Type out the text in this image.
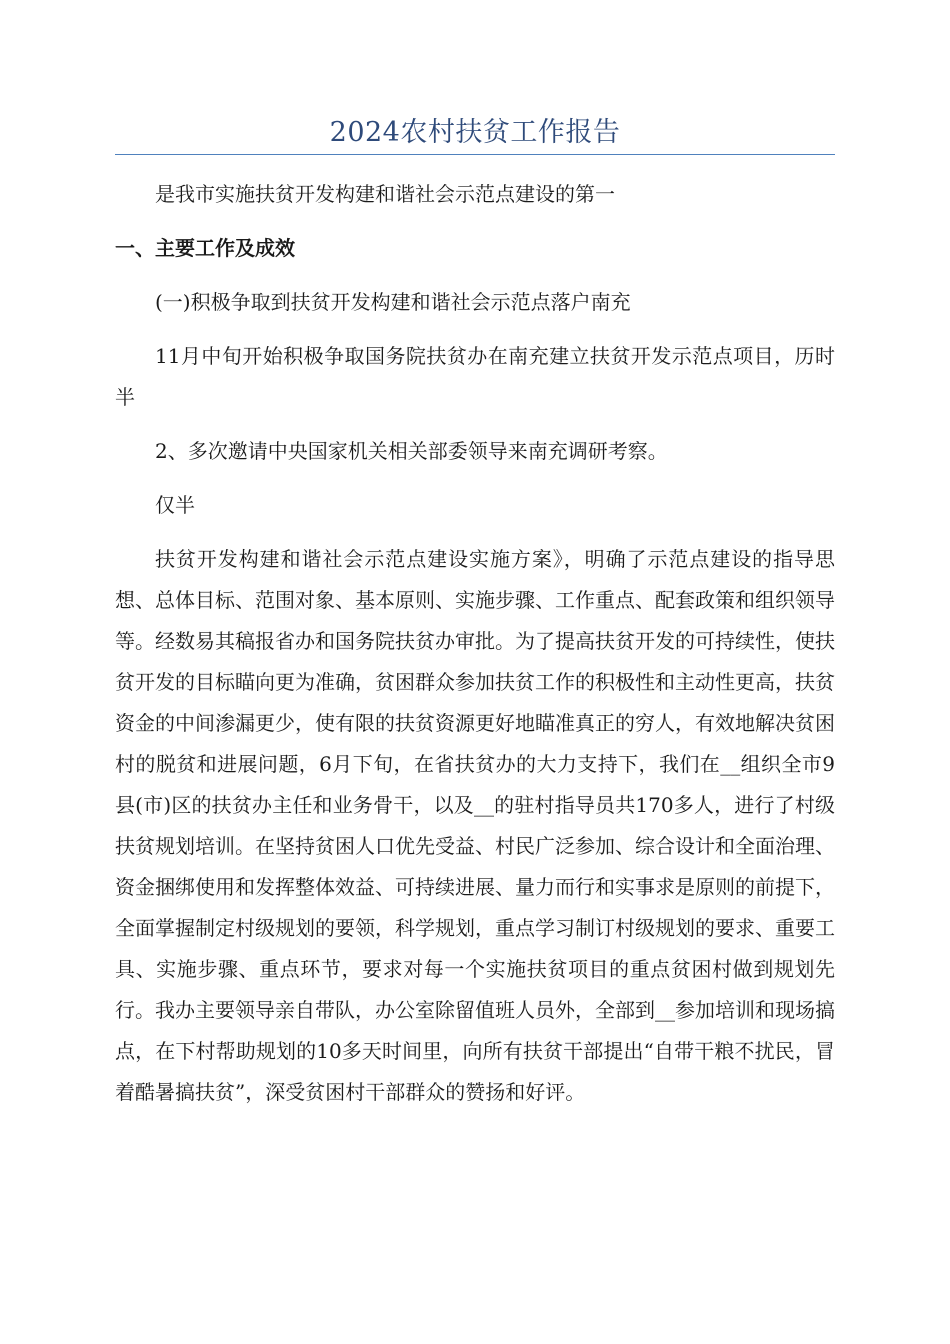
2024农村扶贫工作报告

是我市实施扶贫开发构建和谐社会示范点建设的第一

一、主要工作及成效

(一)积极争取到扶贫开发构建和谐社会示范点落户南充

11月中旬开始积极争取国务院扶贫办在南充建立扶贫开发示范点项目，历时半

2、多次邀请中央国家机关相关部委领导来南充调研考察。

仅半

扶贫开发构建和谐社会示范点建设实施方案》，明确了示范点建设的指导思想、总体目标、范围对象、基本原则、实施步骤、工作重点、配套政策和组织领导等。经数易其稿报省办和国务院扶贫办审批。为了提高扶贫开发的可持续性，使扶贫开发的目标瞄向更为准确，贫困群众参加扶贫工作的积极性和主动性更高，扶贫资金的中间渗漏更少，使有限的扶贫资源更好地瞄准真正的穷人，有效地解决贫困村的脱贫和进展问题，6月下旬，在省扶贫办的大力支持下，我们在__组织全市9县(市)区的扶贫办主任和业务骨干，以及__的驻村指导员共170多人，进行了村级扶贫规划培训。在坚持贫困人口优先受益、村民广泛参加、综合设计和全面治理、资金捆绑使用和发挥整体效益、可持续进展、量力而行和实事求是原则的前提下，全面掌握制定村级规划的要领，科学规划，重点学习制订村级规划的要求、重要工具、实施步骤、重点环节，要求对每一个实施扶贫项目的重点贫困村做到规划先行。我办主要领导亲自带队，办公室除留值班人员外，全部到__参加培训和现场搞点，在下村帮助规划的10多天时间里，向所有扶贫干部提出“自带干粮不扰民，冒着酷暑搞扶贫”，深受贫困村干部群众的赞扬和好评。
